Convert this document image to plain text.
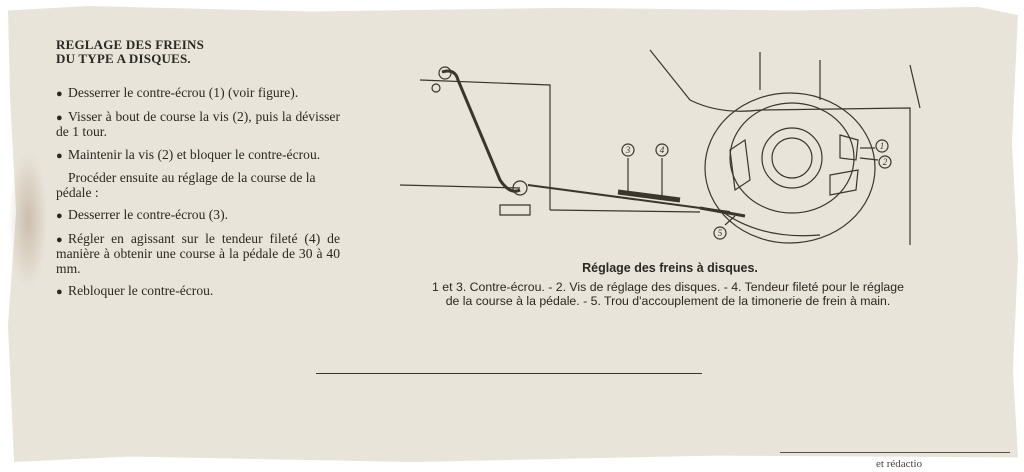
REGLAGE DES FREINS
DU TYPE A DISQUES.
● Desserrer le contre-écrou (1) (voir figure).
● Visser à bout de course la vis (2), puis la dévisser de 1 tour.
● Maintenir la vis (2) et bloquer le contre-écrou.
Procéder ensuite au réglage de la course de la pédale :
● Desserrer le contre-écrou (3).
● Régler en agissant sur le tendeur fileté (4) de manière à obtenir une course à la pédale de 30 à 40 mm.
● Rebloquer le contre-écrou.
1
2
3	4
5
Réglage des freins à disques.
1 et 3. Contre-écrou. - 2. Vis de réglage des disques. - 4. Tendeur fileté pour le réglage
de la course à la pédale. - 5. Trou d'accouplement de la timonerie de frein à main.
et rédactio
